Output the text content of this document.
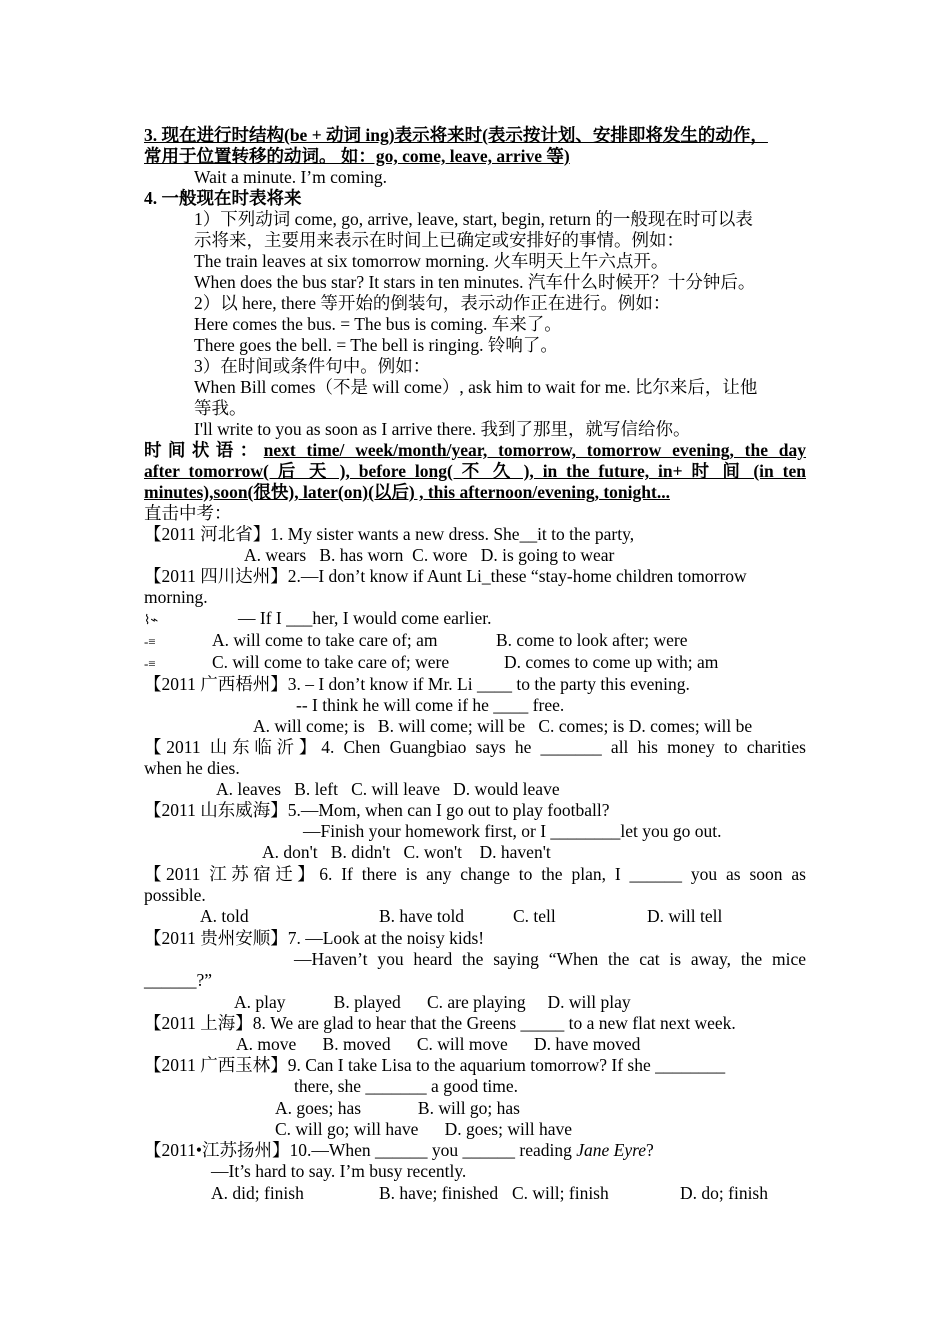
3. 现在进行时结构(be + 动词 ing)表示将来时(表示按计划、安排即将发生的动作，
常用于位置转移的动词。 如：go, come, leave, arrive 等)
Wait a minute. I’m coming.
4. 一般现在时表将来
1）下列动词 come, go, arrive, leave, start, begin, return 的一般现在时可以表
示将来，主要用来表示在时间上已确定或安排好的事情。例如：
The train leaves at six tomorrow morning. 火车明天上午六点开。
When does the bus star? It stars in ten minutes. 汽车什么时候开？十分钟后。
2）以 here, there 等开始的倒装句，表示动作正在进行。例如：
Here comes the bus. = The bus is coming. 车来了。
There goes the bell. = The bell is ringing. 铃响了。
3）在时间或条件句中。例如：
When Bill comes（不是 will come）, ask him to wait for me. 比尔来后，让他
等我。
I'll write to you as soon as I arrive there. 我到了那里，就写信给你。
时间状语：next time/ week/month/year, tomorrow, tomorrow evening, the day
after tomorrow( 后 天 ), before long( 不 久 ), in the future, in+ 时 间 (in ten
minutes),soon(很快), later(on)(以后) , this afternoon/evening, tonight...
直击中考：
【2011 河北省】1. My sister wants a new dress. She__it to the party,
A. wears   B. has worn  C. wore   D. is going to wear
【2011 四川达州】2.—I don’t know if Aunt Li_these “stay-home children tomorrow
morning.
⌇⌁	— If I ___her, I would come earlier.
-≡	A. will come to take care of; am	B. come to look after; were
-≡	C. will come to take care of; were	D. comes to come up with; am
【2011 广西梧州】3. – I don’t know if Mr. Li ____ to the party this evening.
-- I think he will come if he ____ free.
A. will come; is   B. will come; will be   C. comes; is D. comes; will be
【2011 山东临沂】4. Chen Guangbiao says he _______ all his money to charities
when he dies.
A. leaves   B. left   C. will leave   D. would leave
【2011 山东威海】5.—Mom, when can I go out to play football?
—Finish your homework first, or I ________let you go out.
A. don't   B. didn't   C. won't    D. haven't
【2011 江苏宿迁】6. If there is any change to the plan, I ______ you as soon as
possible.
A. told	B. have told	C. tell	D. will tell
【2011 贵州安顺】7. —Look at the noisy kids!
—Haven’t you heard the saying “When the cat is away, the mice
______?”
A. play           B. played      C. are playing     D. will play
【2011 上海】8. We are glad to hear that the Greens _____ to a new flat next week.
A. move      B. moved      C. will move      D. have moved
【2011 广西玉林】9. Can I take Lisa to the aquarium tomorrow? If she ________
there, she _______ a good time.
A. goes; has             B. will go; has
C. will go; will have      D. goes; will have
【2011•江苏扬州】10.—When ______ you ______ reading Jane Eyre?
—It’s hard to say. I’m busy recently.
A. did; finish	B. have; finished C. will; finish	D. do; finish
